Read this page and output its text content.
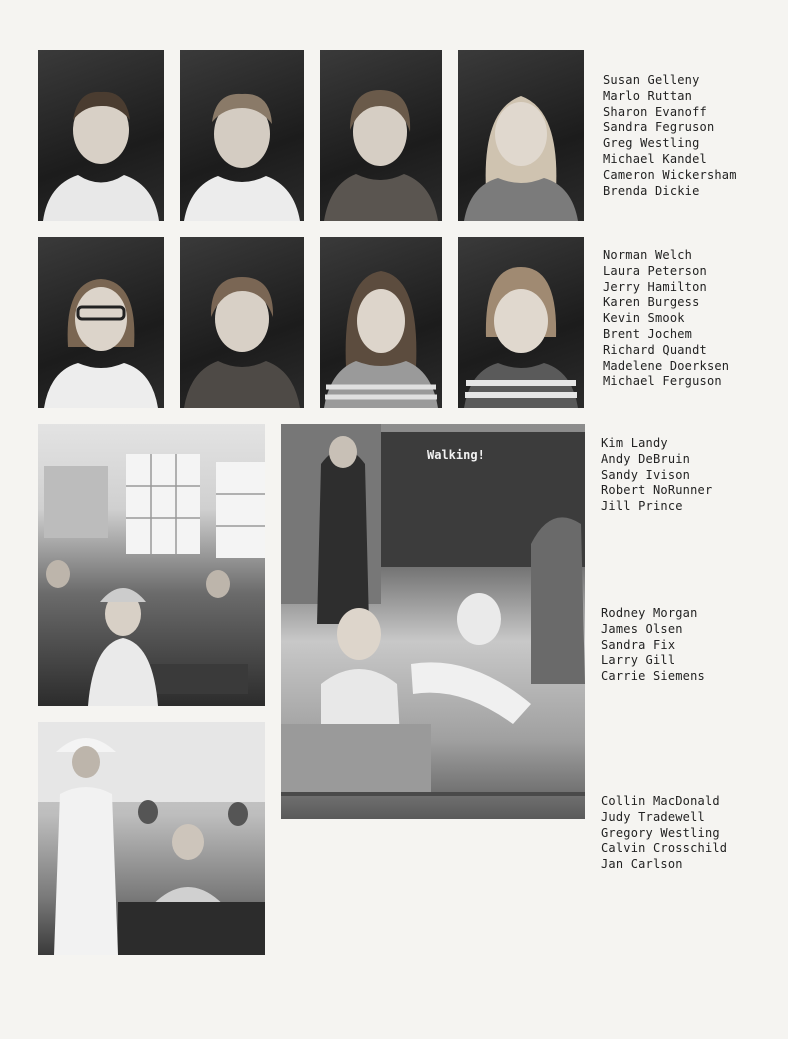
Susan Gelleny
Marlo Ruttan
Sharon Evanoff
Sandra Fegruson
Greg Westling
Michael Kandel
Cameron Wickersham
Brenda Dickie
Norman Welch
Laura Peterson
Jerry Hamilton
Karen Burgess
Kevin Smook
Brent Jochem
Richard Quandt
Madelene Doerksen
Michael Ferguson
Walking!
Kim Landy
Andy DeBruin
Sandy Ivison
Robert NoRunner
Jill Prince
Rodney Morgan
James Olsen
Sandra Fix
Larry Gill
Carrie Siemens
Collin MacDonald
Judy Tradewell
Gregory Westling
Calvin Crosschild
Jan Carlson
